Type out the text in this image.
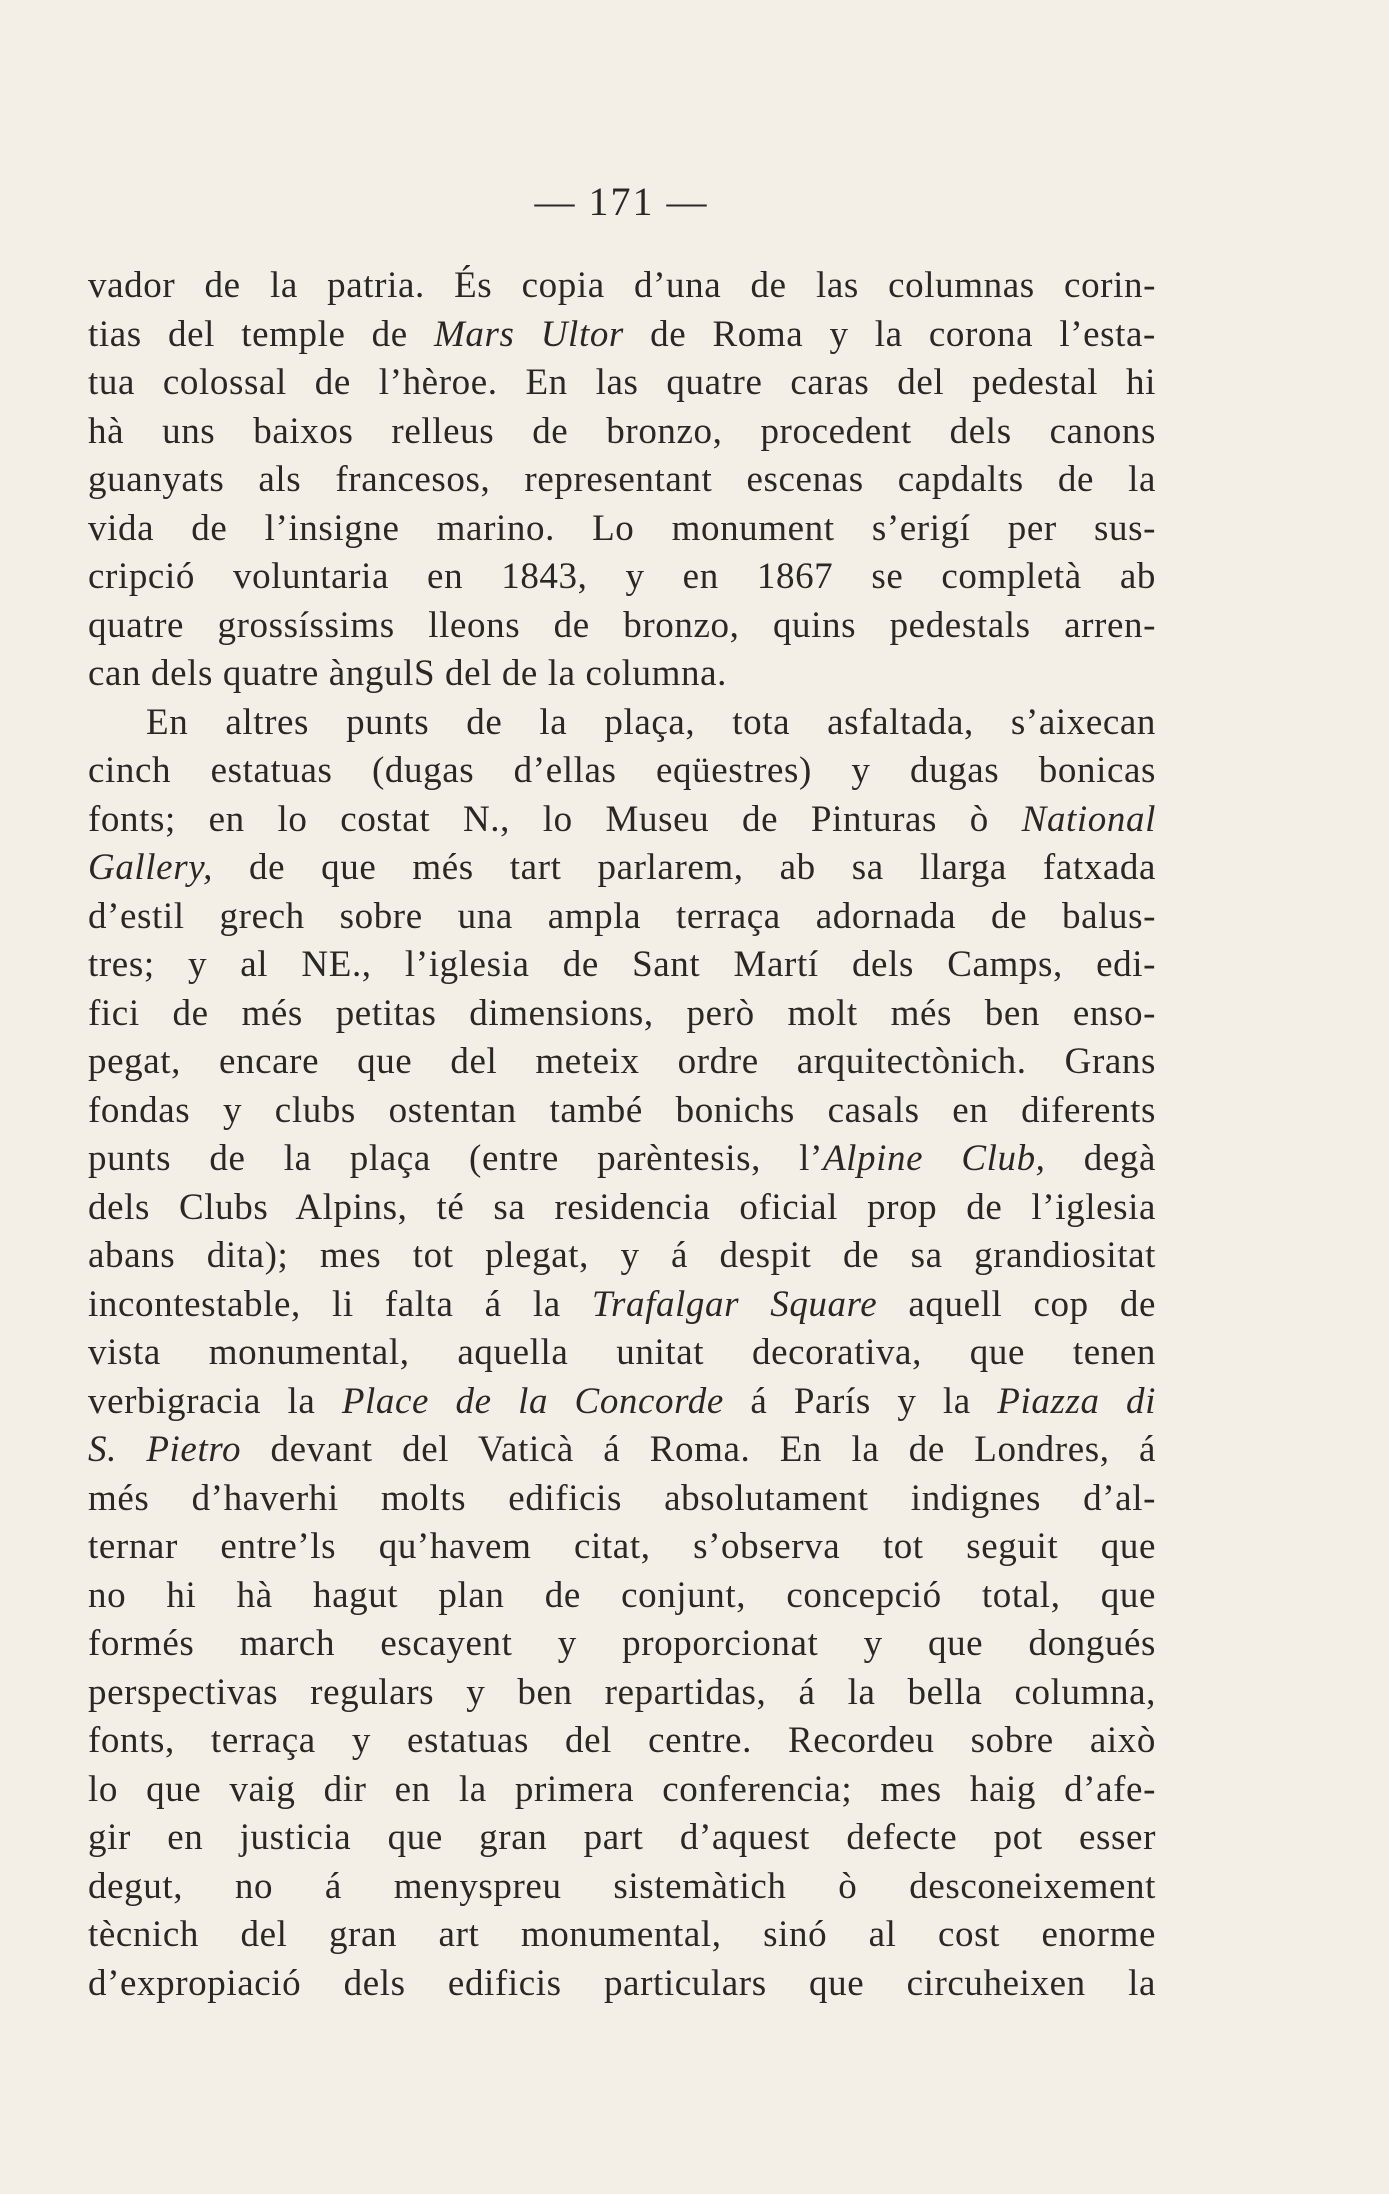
— 171 —
vador de la patria. És copia d’una de las columnas corin-
tias del temple de Mars Ultor de Roma y la corona l’esta-
tua colossal de l’hèroe. En las quatre caras del pedestal hi
hà uns baixos relleus de bronzo, procedent dels canons
guanyats als francesos, representant escenas capdalts de la
vida de l’insigne marino. Lo monument s’erigí per sus-
cripció voluntaria en 1843, y en 1867 se completà ab
quatre grossíssims lleons de bronzo, quins pedestals arren-
can dels quatre àngulS del de la columna.
En altres punts de la plaça, tota asfaltada, s’aixecan
cinch estatuas (dugas d’ellas eqüestres) y dugas bonicas
fonts; en lo costat N., lo Museu de Pinturas ò National
Gallery, de que més tart parlarem, ab sa llarga fatxada
d’estil grech sobre una ampla terraça adornada de balus-
tres; y al NE., l’iglesia de Sant Martí dels Camps, edi-
fici de més petitas dimensions, però molt més ben enso-
pegat, encare que del meteix ordre arquitectònich. Grans
fondas y clubs ostentan també bonichs casals en diferents
punts de la plaça (entre parèntesis, l’Alpine Club, degà
dels Clubs Alpins, té sa residencia oficial prop de l’iglesia
abans dita); mes tot plegat, y á despit de sa grandiositat
incontestable, li falta á la Trafalgar Square aquell cop de
vista monumental, aquella unitat decorativa, que tenen
verbigracia la Place de la Concorde á París y la Piazza di
S. Pietro devant del Vaticà á Roma. En la de Londres, á
més d’haverhi molts edificis absolutament indignes d’al-
ternar entre’ls qu’havem citat, s’observa tot seguit que
no hi hà hagut plan de conjunt, concepció total, que
formés march escayent y proporcionat y que dongués
perspectivas regulars y ben repartidas, á la bella columna,
fonts, terraça y estatuas del centre. Recordeu sobre això
lo que vaig dir en la primera conferencia; mes haig d’afe-
gir en justicia que gran part d’aquest defecte pot esser
degut, no á menyspreu sistemàtich ò desconeixement
tècnich del gran art monumental, sinó al cost enorme
d’expropiació dels edificis particulars que circuheixen la
